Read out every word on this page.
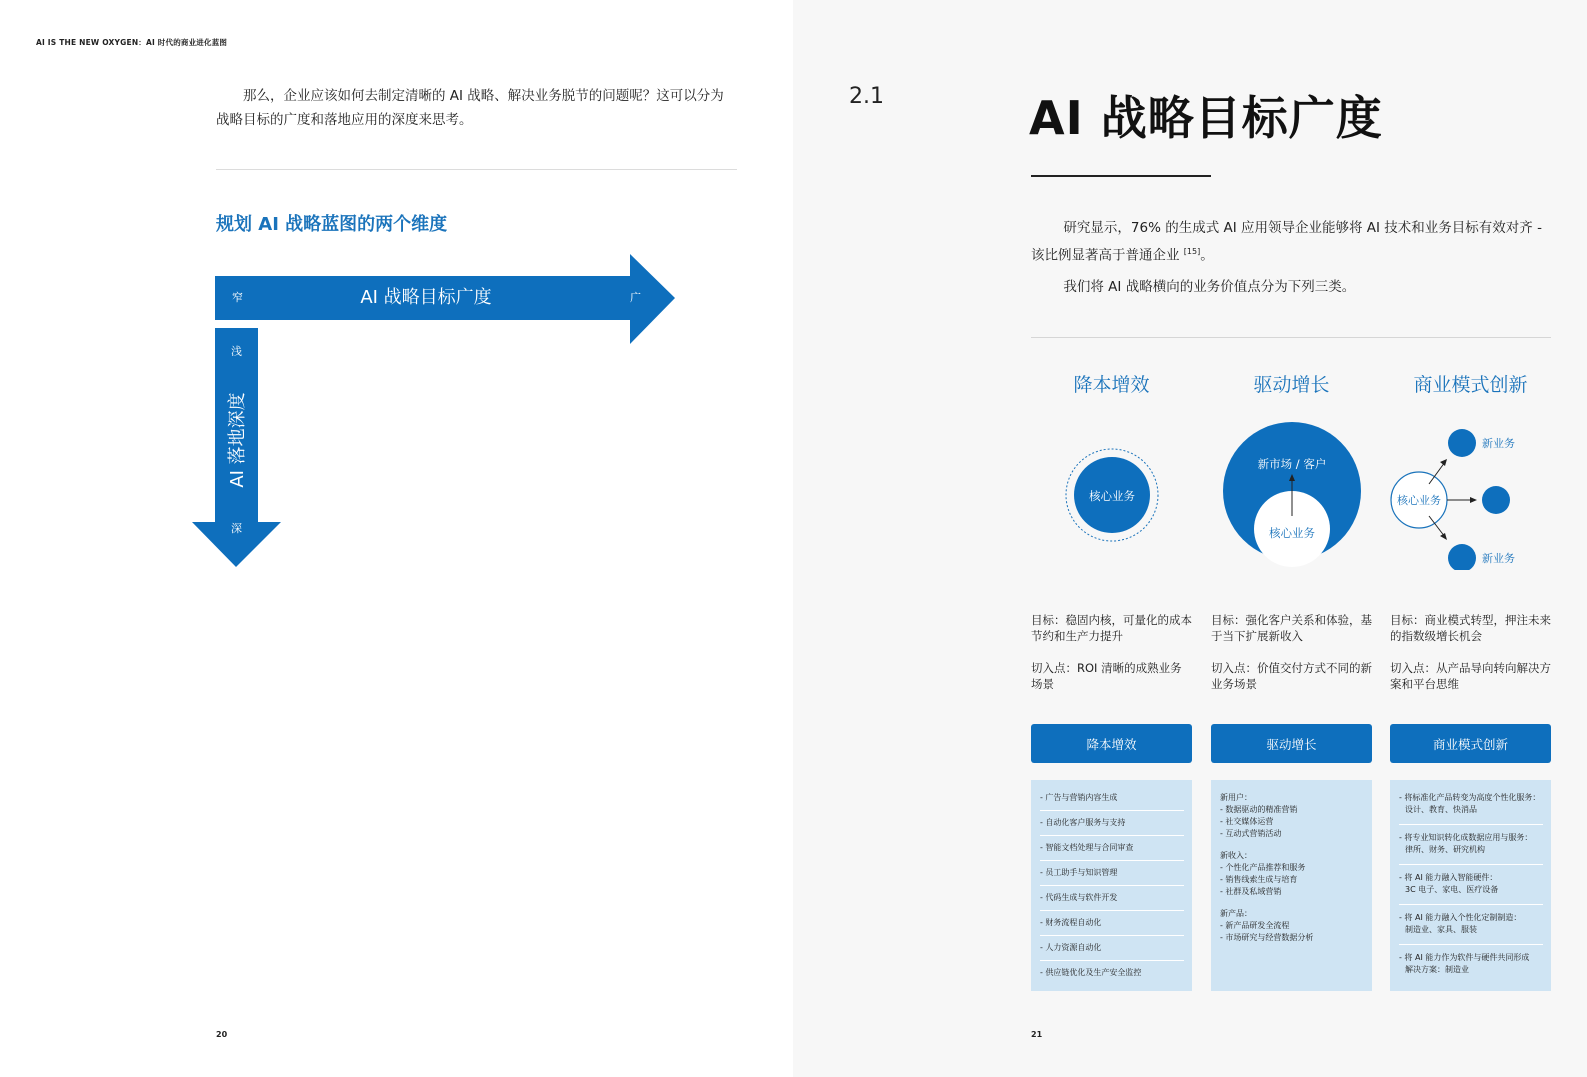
AI IS THE NEW OXYGEN：AI 时代的商业进化蓝图

那么，企业应该如何去制定清晰的 AI 战略、解决业务脱节的问题呢？这可以分为战略目标的广度和落地应用的深度来思考。

规划 AI 战略蓝图的两个维度
窄	AI 战略目标广度	广
浅
AI 落地深度
深
20
2.1	AI 战略目标广度

研究显示，76% 的生成式 AI 应用领导企业能够将 AI 技术和业务目标有效对齐 - 该比例显著高于普通企业 [15]。

我们将 AI 战略横向的业务价值点分为下列三类。

降本增效
核心业务
目标：稳固内核，可量化的成本节约和生产力提升
切入点：ROI 清晰的成熟业务场景
降本增效
- 广告与营销内容生成
- 自动化客户服务与支持
- 智能文档处理与合同审查
- 员工助手与知识管理
- 代码生成与软件开发
- 财务流程自动化
- 人力资源自动化
- 供应链优化及生产安全监控
驱动增长
新市场 / 客户
核心业务
目标：强化客户关系和体验，基于当下扩展新收入
切入点：价值交付方式不同的新业务场景
驱动增长
新用户：
- 数据驱动的精准营销
- 社交媒体运营
- 互动式营销活动
新收入：
- 个性化产品推荐和服务
- 销售线索生成与培育
- 社群及私域营销
新产品：
- 新产品研发全流程
- 市场研究与经营数据分析
商业模式创新
核心业务
新业务
新业务
目标：商业模式转型，押注未来的指数级增长机会
切入点：从产品导向转向解决方案和平台思维
商业模式创新
- 将标准化产品转变为高度个性化服务：
设计、教育、快消品
- 将专业知识转化成数据应用与服务：
律所、财务、研究机构
- 将 AI 能力融入智能硬件：
3C 电子、家电、医疗设备
- 将 AI 能力融入个性化定制制造：
制造业、家具、服装
- 将 AI 能力作为软件与硬件共同形成
解决方案：制造业
21
